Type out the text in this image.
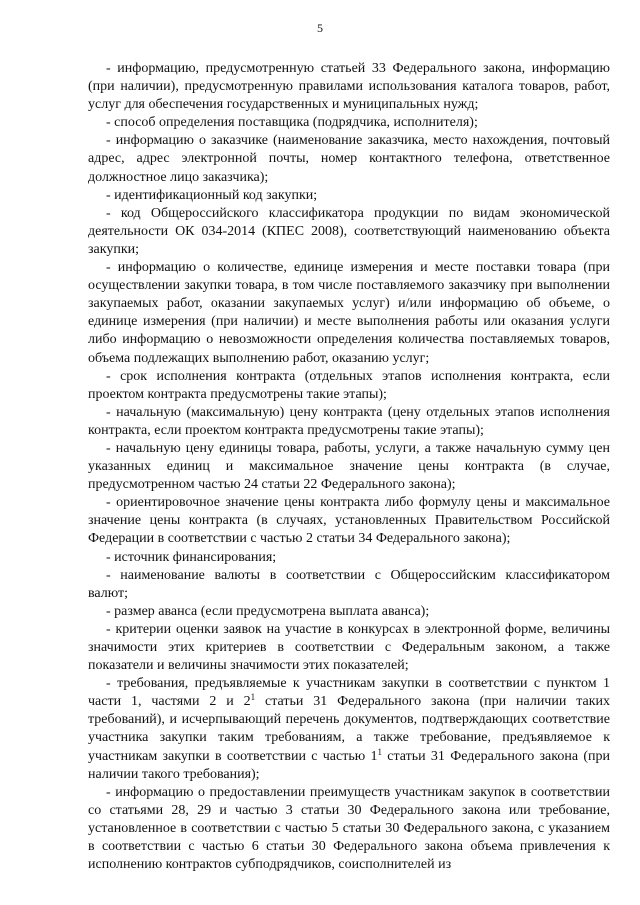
5

- информацию, предусмотренную статьей 33 Федерального закона, информацию (при наличии), предусмотренную правилами использования каталога товаров, работ, услуг для обеспечения государственных и муниципальных нужд;

- способ определения поставщика (подрядчика, исполнителя);

- информацию о заказчике (наименование заказчика, место нахождения, почтовый адрес, адрес электронной почты, номер контактного телефона, ответственное должностное лицо заказчика);

- идентификационный код закупки;

- код Общероссийского классификатора продукции по видам экономической деятельности ОК 034-2014 (КПЕС 2008), соответствующий наименованию объекта закупки;

- информацию о количестве, единице измерения и месте поставки товара (при осуществлении закупки товара, в том числе поставляемого заказчику при выполнении закупаемых работ, оказании закупаемых услуг) и/или информацию об объеме, о единице измерения (при наличии) и месте выполнения работы или оказания услуги либо информацию о невозможности определения количества поставляемых товаров, объема подлежащих выполнению работ, оказанию услуг;

- срок исполнения контракта (отдельных этапов исполнения контракта, если проектом контракта предусмотрены такие этапы);

- начальную (максимальную) цену контракта (цену отдельных этапов исполнения контракта, если проектом контракта предусмотрены такие этапы);

- начальную цену единицы товара, работы, услуги, а также начальную сумму цен указанных единиц и максимальное значение цены контракта (в случае, предусмотренном частью 24 статьи 22 Федерального закона);

- ориентировочное значение цены контракта либо формулу цены и максимальное значение цены контракта (в случаях, установленных Правительством Российской Федерации в соответствии с частью 2 статьи 34 Федерального закона);

- источник финансирования;

- наименование валюты в соответствии с Общероссийским классификатором валют;

- размер аванса (если предусмотрена выплата аванса);

- критерии оценки заявок на участие в конкурсах в электронной форме, величины значимости этих критериев в соответствии с Федеральным законом, а также показатели и величины значимости этих показателей;

- требования, предъявляемые к участникам закупки в соответствии с пунктом 1 части 1, частями 2 и $2^1$ статьи 31 Федерального закона (при наличии таких требований), и исчерпывающий перечень документов, подтверждающих соответствие участника закупки таким требованиям, а также требование, предъявляемое к участникам закупки в соответствии с частью $1^1$ статьи 31 Федерального закона (при наличии такого требования);

- информацию о предоставлении преимуществ участникам закупок в соответствии со статьями 28, 29 и частью 3 статьи 30 Федерального закона или требование, установленное в соответствии с частью 5 статьи 30 Федерального закона, с указанием в соответствии с частью 6 статьи 30 Федерального закона объема привлечения к исполнению контрактов субподрядчиков, соисполнителей из
